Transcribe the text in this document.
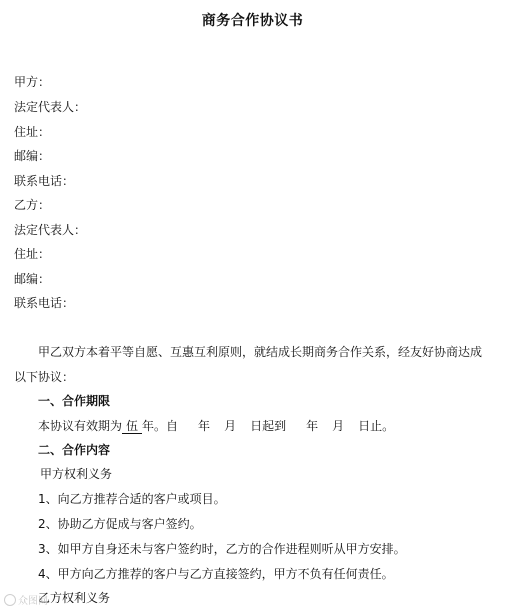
商务合作协议书
甲方：
法定代表人：
住址：
邮编：
联系电话：
乙方：
法定代表人：
住址：
邮编：
联系电话：
甲乙双方本着平等自愿、互惠互利原则，就结成长期商务合作关系，经友好协商达成以下协议：
一、合作期限
本协议有效期为 伍 年。自 年 月 日起到 年 月 日止。
二、合作内容
甲方权利义务
1、向乙方推荐合适的客户或项目。
2、协助乙方促成与客户签约。
3、如甲方自身还未与客户签约时，乙方的合作进程则听从甲方安排。
4、甲方向乙方推荐的客户与乙方直接签约，甲方不负有任何责任。
乙方权利义务
众图网
